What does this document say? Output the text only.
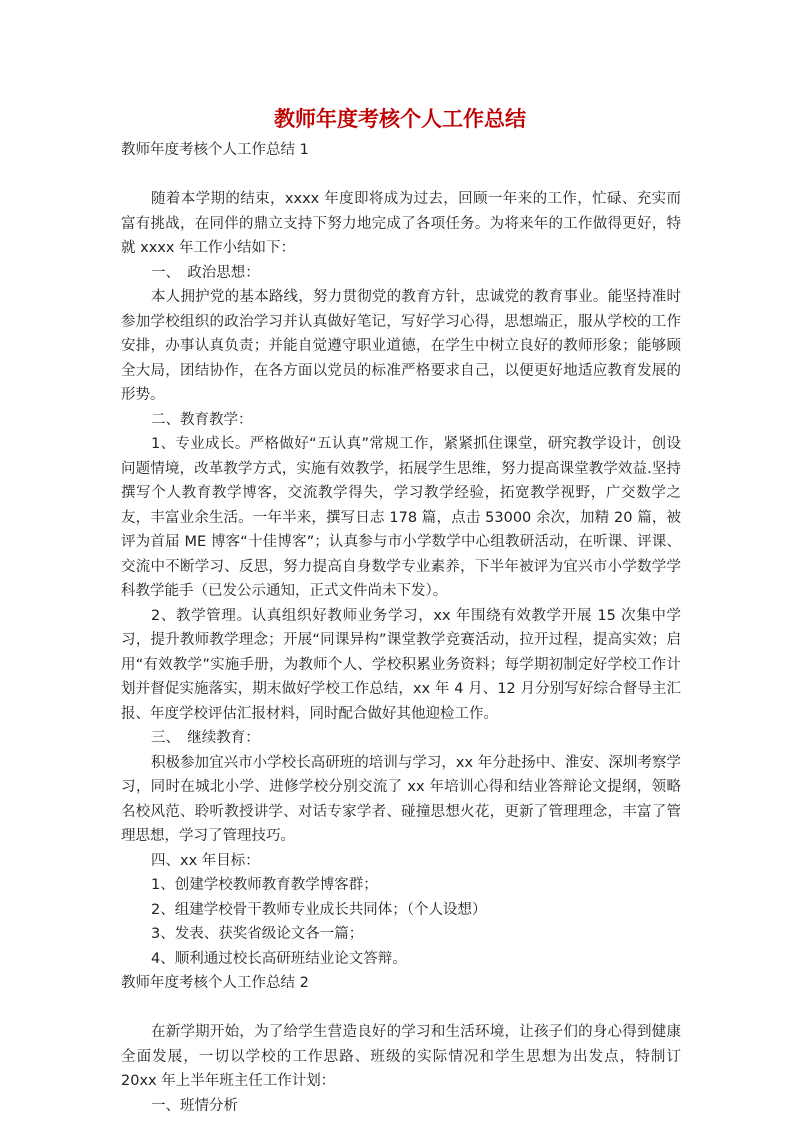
教师年度考核个人工作总结

教师年度考核个人工作总结 1

随着本学期的结束，xxxx 年度即将成为过去，回顾一年来的工作，忙碌、充实而富有挑战，在同伴的鼎立支持下努力地完成了各项任务。为将来年的工作做得更好，特就 xxxx 年工作小结如下：

一、　政治思想：

本人拥护党的基本路线，努力贯彻党的教育方针，忠诚党的教育事业。能坚持准时参加学校组织的政治学习并认真做好笔记，写好学习心得，思想端正，服从学校的工作安排，办事认真负责；并能自觉遵守职业道德，在学生中树立良好的教师形象；能够顾全大局，团结协作，在各方面以党员的标准严格要求自己，以便更好地适应教育发展的形势。

二、教育教学：

1、专业成长。严格做好“五认真”常规工作，紧紧抓住课堂，研究教学设计，创设问题情境，改革教学方式，实施有效教学，拓展学生思维，努力提高课堂教学效益.坚持撰写个人教育教学博客，交流教学得失，学习教学经验，拓宽教学视野，广交数学之友，丰富业余生活。一年半来，撰写日志 178 篇，点击 53000 余次，加精 20 篇，被评为首届 ME 博客“十佳博客”；认真参与市小学数学中心组教研活动，在听课、评课、交流中不断学习、反思，努力提高自身数学专业素养，下半年被评为宜兴市小学数学学科教学能手（已发公示通知，正式文件尚未下发）。

2、教学管理。认真组织好教师业务学习，xx 年围绕有效教学开展 15 次集中学习，提升教师教学理念；开展“同课异构”课堂教学竞赛活动，拉开过程，提高实效；启用“有效教学”实施手册，为教师个人、学校积累业务资料；每学期初制定好学校工作计划并督促实施落实，期末做好学校工作总结，xx 年 4 月、12 月分别写好综合督导主汇报、年度学校评估汇报材料，同时配合做好其他迎检工作。

三、　继续教育：

积极参加宜兴市小学校长高研班的培训与学习，xx 年分赴扬中、淮安、深圳考察学习，同时在城北小学、进修学校分别交流了 xx 年培训心得和结业答辩论文提纲，领略名校风范、聆听教授讲学、对话专家学者、碰撞思想火花，更新了管理理念，丰富了管理思想，学习了管理技巧。

四、xx 年目标：

1、创建学校教师教育教学博客群；

2、组建学校骨干教师专业成长共同体；（个人设想）

3、发表、获奖省级论文各一篇；

4、顺利通过校长高研班结业论文答辩。

教师年度考核个人工作总结 2

在新学期开始，为了给学生营造良好的学习和生活环境，让孩子们的身心得到健康全面发展，一切以学校的工作思路、班级的实际情况和学生思想为出发点，特制订 20xx 年上半年班主任工作计划：

一、班情分析
